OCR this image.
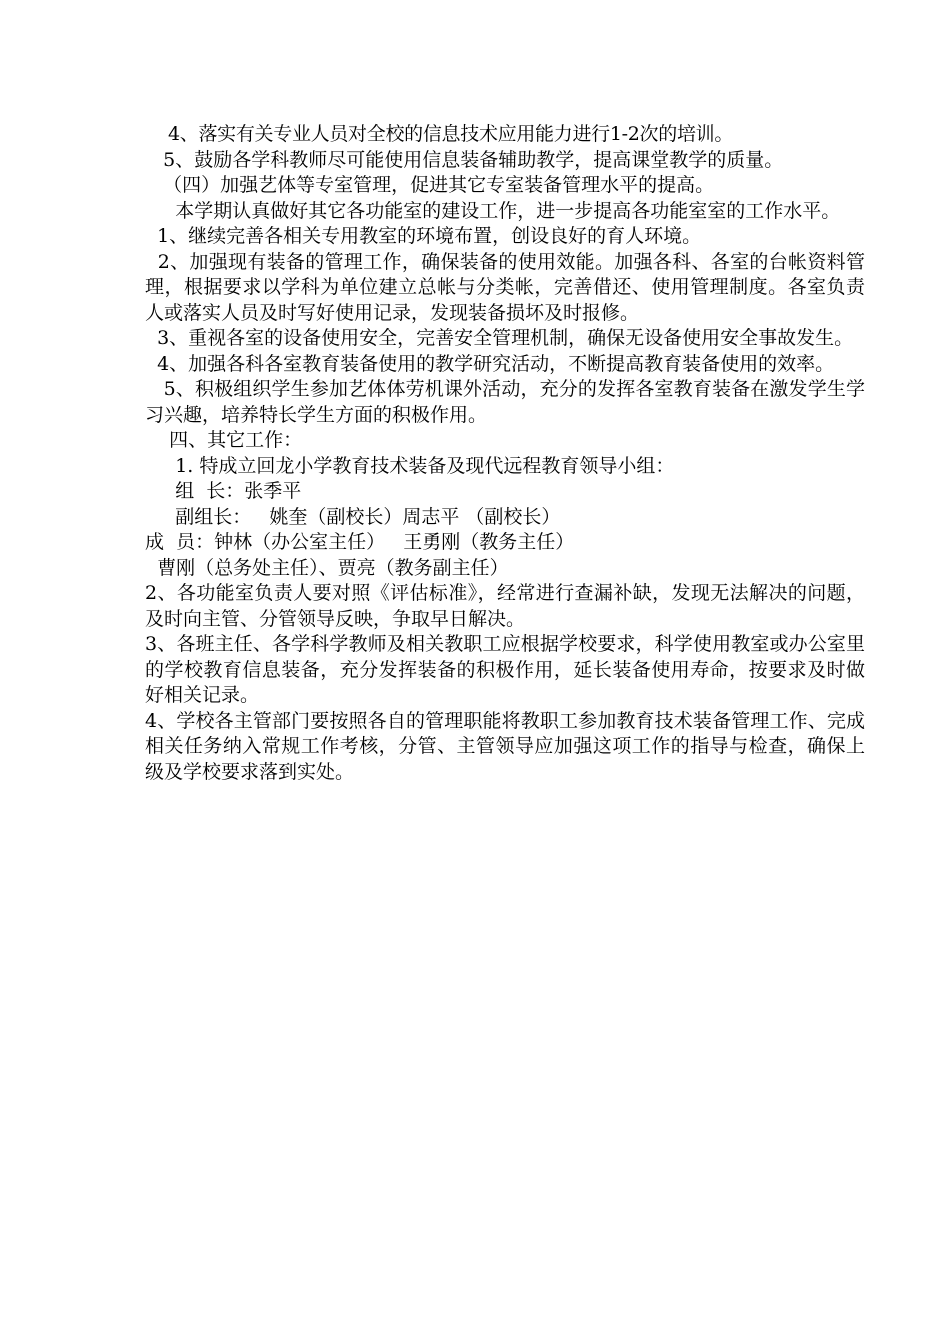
4、落实有关专业人员对全校的信息技术应用能力进行1-2次的培训。

5、鼓励各学科教师尽可能使用信息装备辅助教学，提高课堂教学的质量。

（四）加强艺体等专室管理，促进其它专室装备管理水平的提高。

本学期认真做好其它各功能室的建设工作，进一步提高各功能室室的工作水平。

1、继续完善各相关专用教室的环境布置，创设良好的育人环境。

2、加强现有装备的管理工作，确保装备的使用效能。加强各科、各室的台帐资料管理，根据要求以学科为单位建立总帐与分类帐，完善借还、使用管理制度。各室负责人或落实人员及时写好使用记录，发现装备损坏及时报修。

3、重视各室的设备使用安全，完善安全管理机制，确保无设备使用安全事故发生。

4、加强各科各室教育装备使用的教学研究活动，不断提高教育装备使用的效率。

5、积极组织学生参加艺体体劳机课外活动，充分的发挥各室教育装备在激发学生学习兴趣，培养特长学生方面的积极作用。

四、其它工作：

1. 特成立回龙小学教育技术装备及现代远程教育领导小组：

组  长：张季平

副组长：   姚奎（副校长）周志平 （副校长）

成  员：钟林（办公室主任）   王勇刚（教务主任）

曹刚（总务处主任）、贾亮（教务副主任）

2、各功能室负责人要对照《评估标准》，经常进行查漏补缺，发现无法解决的问题，及时向主管、分管领导反映，争取早日解决。

3、各班主任、各学科学教师及相关教职工应根据学校要求，科学使用教室或办公室里的学校教育信息装备，充分发挥装备的积极作用，延长装备使用寿命，按要求及时做好相关记录。

4、学校各主管部门要按照各自的管理职能将教职工参加教育技术装备管理工作、完成相关任务纳入常规工作考核，分管、主管领导应加强这项工作的指导与检查，确保上级及学校要求落到实处。
